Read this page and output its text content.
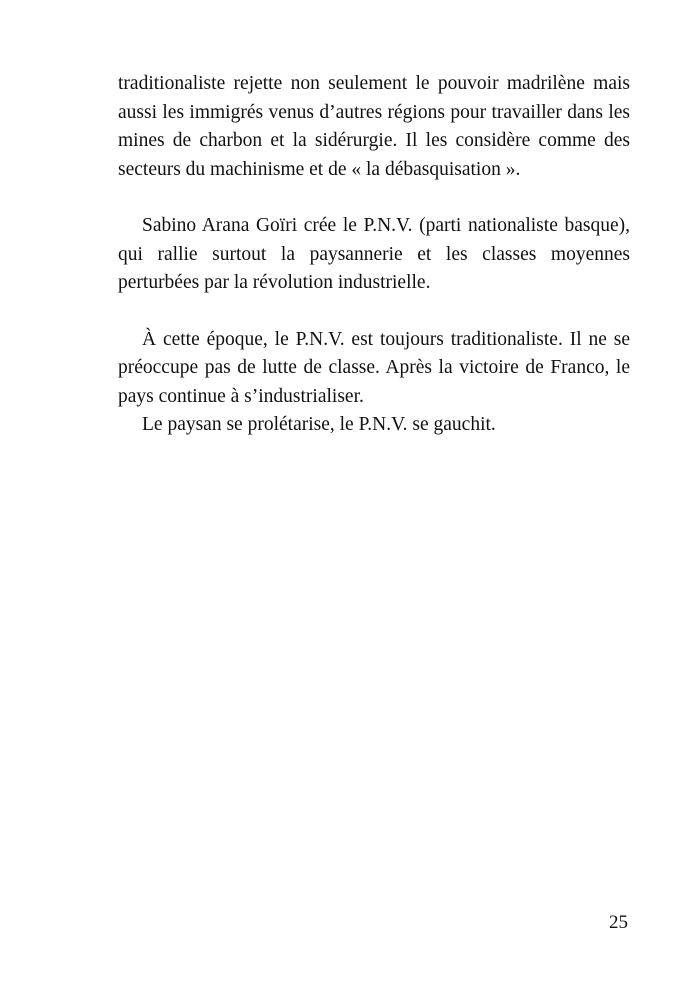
traditionaliste rejette non seulement le pouvoir madrilène mais aussi les immigrés venus d’autres régions pour travailler dans les mines de charbon et la sidérurgie. Il les considère comme des secteurs du machinisme et de « la débasquisation ».

Sabino Arana Goïri crée le P.N.V. (parti nationaliste basque), qui rallie surtout la paysannerie et les classes moyennes perturbées par la révolution industrielle.

À cette époque, le P.N.V. est toujours traditionaliste. Il ne se préoccupe pas de lutte de classe. Après la victoire de Franco, le pays continue à s’industrialiser.

Le paysan se prolétarise, le P.N.V. se gauchit.

25
